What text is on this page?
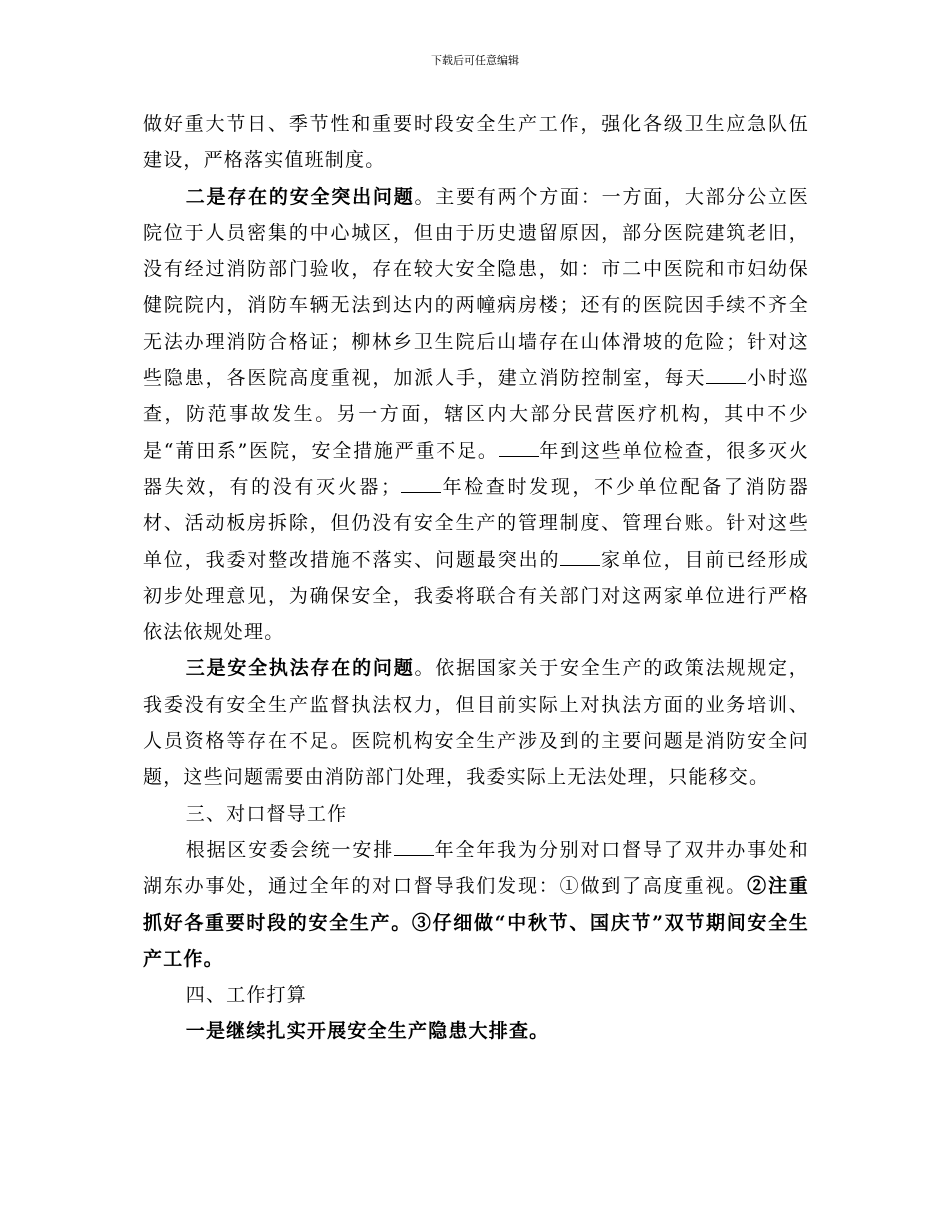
下载后可任意编辑

做好重大节日、季节性和重要时段安全生产工作，强化各级卫生应急队伍建设，严格落实值班制度。

二是存在的安全突出问题。主要有两个方面：一方面，大部分公立医院位于人员密集的中心城区，但由于历史遗留原因，部分医院建筑老旧，没有经过消防部门验收，存在较大安全隐患，如：市二中医院和市妇幼保健院院内，消防车辆无法到达内的两幢病房楼；还有的医院因手续不齐全无法办理消防合格证；柳林乡卫生院后山墙存在山体滑坡的危险；针对这些隐患，各医院高度重视，加派人手，建立消防控制室，每天 小时巡查，防范事故发生。另一方面，辖区内大部分民营医疗机构，其中不少是“莆田系”医院，安全措施严重不足。 年到这些单位检查，很多灭火器失效，有的没有灭火器； 年检查时发现，不少单位配备了消防器材、活动板房拆除，但仍没有安全生产的管理制度、管理台账。针对这些单位，我委对整改措施不落实、问题最突出的 家单位，目前已经形成初步处理意见，为确保安全，我委将联合有关部门对这两家单位进行严格依法依规处理。

三是安全执法存在的问题。依据国家关于安全生产的政策法规规定，我委没有安全生产监督执法权力，但目前实际上对执法方面的业务培训、人员资格等存在不足。医院机构安全生产涉及到的主要问题是消防安全问题，这些问题需要由消防部门处理，我委实际上无法处理，只能移交。

三、对口督导工作

根据区安委会统一安排 年全年我为分别对口督导了双井办事处和湖东办事处，通过全年的对口督导我们发现：①做到了高度重视。②注重抓好各重要时段的安全生产。③仔细做“中秋节、国庆节”双节期间安全生产工作。

四、工作打算

一是继续扎实开展安全生产隐患大排查。
